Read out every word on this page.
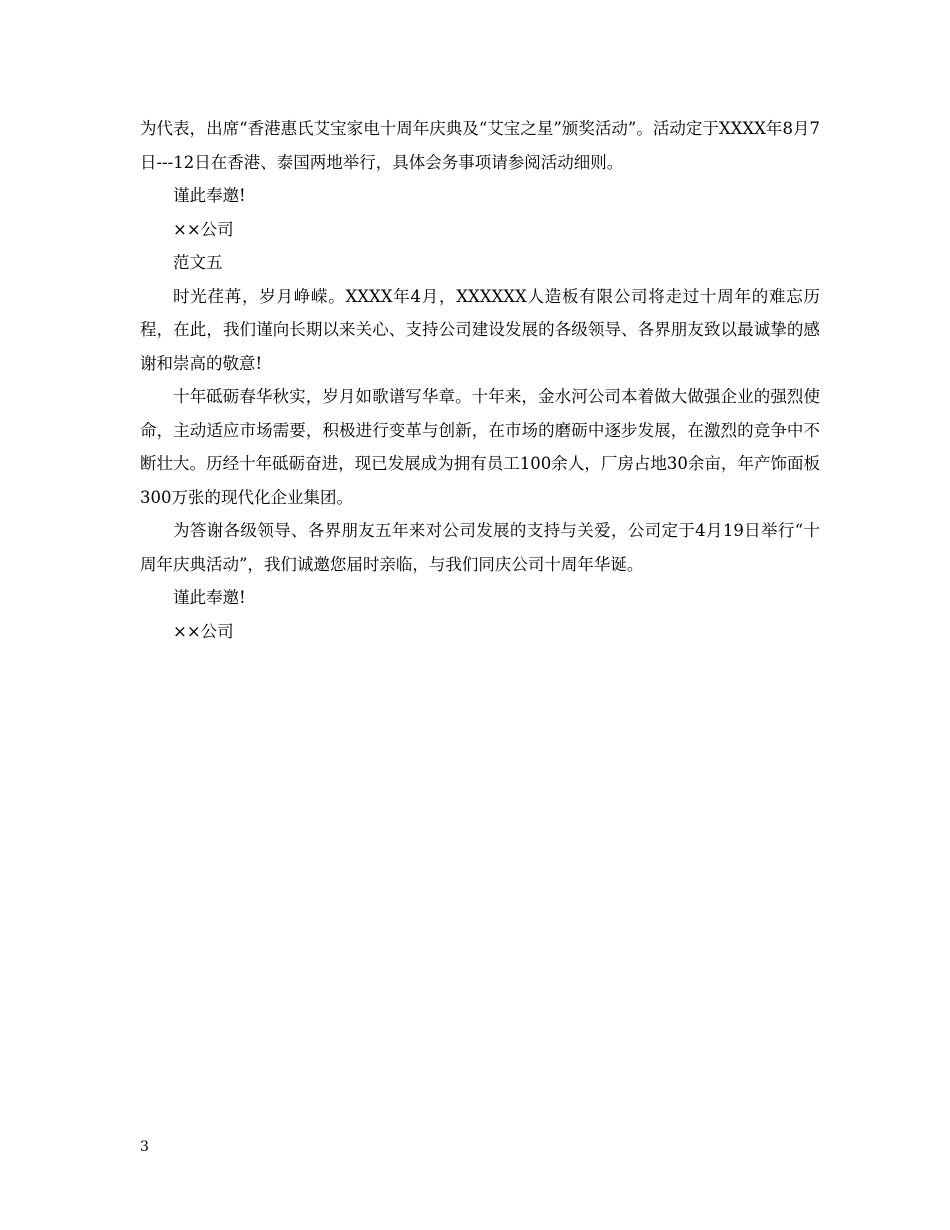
为代表，出席“香港惠氏艾宝家电十周年庆典及“艾宝之星”颁奖活动”。活动定于XXXX年8月7日---12日在香港、泰国两地举行，具体会务事项请参阅活动细则。

谨此奉邀!

××公司

范文五

时光荏苒，岁月峥嵘。XXXX年4月，XXXXXX人造板有限公司将走过十周年的难忘历程，在此，我们谨向长期以来关心、支持公司建设发展的各级领导、各界朋友致以最诚挚的感谢和崇高的敬意!

十年砥砺春华秋实，岁月如歌谱写华章。十年来，金水河公司本着做大做强企业的强烈使命，主动适应市场需要，积极进行变革与创新，在市场的磨砺中逐步发展，在激烈的竞争中不断壮大。历经十年砥砺奋进，现已发展成为拥有员工100余人，厂房占地30余亩，年产饰面板300万张的现代化企业集团。

为答谢各级领导、各界朋友五年来对公司发展的支持与关爱，公司定于4月19日举行“十周年庆典活动”，我们诚邀您届时亲临，与我们同庆公司十周年华诞。

谨此奉邀!

××公司

3
